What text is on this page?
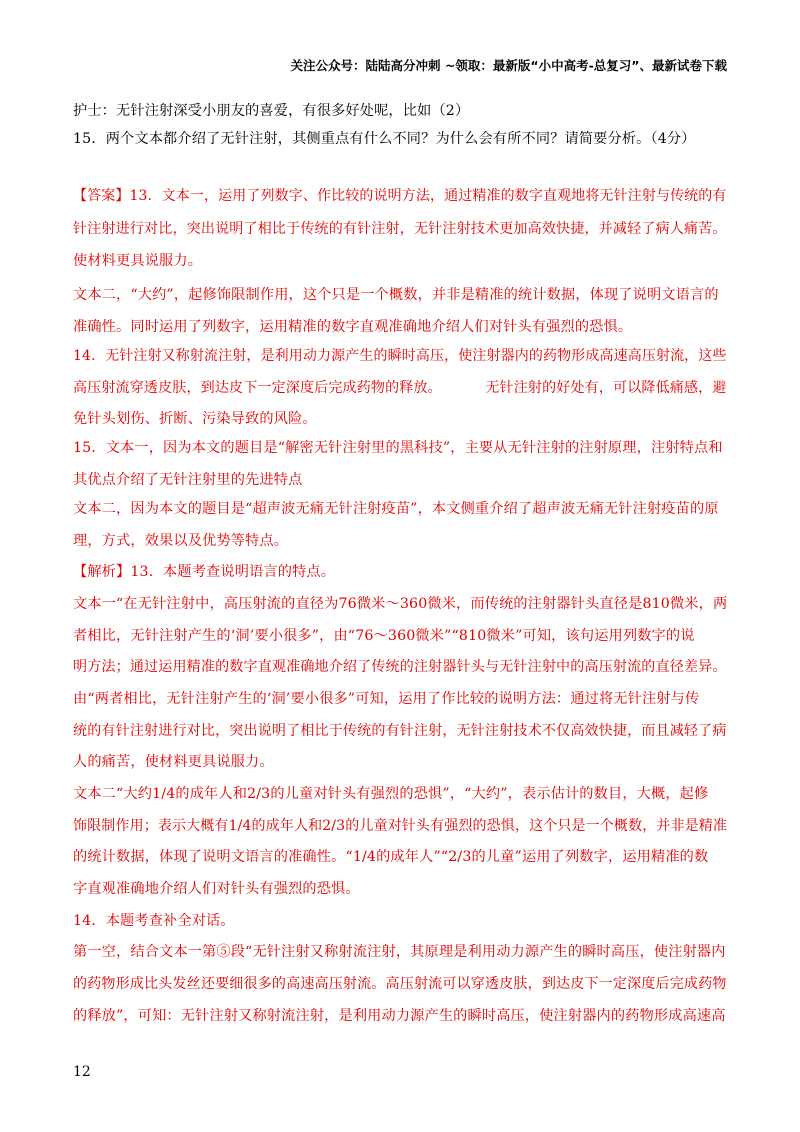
关注公众号：陆陆高分冲刺 ~领取：最新版“小中高考-总复习”、最新试卷下载
护士：无针注射深受小朋友的喜爱，有很多好处呢，比如（2）
15．两个文本都介绍了无针注射，其侧重点有什么不同？为什么会有所不同？请简要分析。（4分）
【答案】13．文本一，运用了列数字、作比较的说明方法，通过精准的数字直观地将无针注射与传统的有
针注射进行对比，突出说明了相比于传统的有针注射，无针注射技术更加高效快捷，并减轻了病人痛苦。
使材料更具说服力。
文本二，“大约”，起修饰限制作用，这个只是一个概数，并非是精准的统计数据，体现了说明文语言的
准确性。同时运用了列数字，运用精准的数字直观准确地介绍人们对针头有强烈的恐惧。
14．无针注射又称射流注射，是利用动力源产生的瞬时高压，使注射器内的药物形成高速高压射流，这些
高压射流穿透皮肤，到达皮下一定深度后完成药物的释放。	无针注射的好处有，可以降低痛感，避
免针头划伤、折断、污染导致的风险。
15．文本一，因为本文的题目是“解密无针注射里的黑科技”，主要从无针注射的注射原理，注射特点和
其优点介绍了无针注射里的先进特点
文本二，因为本文的题目是“超声波无痛无针注射疫苗”，本文侧重介绍了超声波无痛无针注射疫苗的原
理，方式，效果以及优势等特点。
【解析】13．本题考查说明语言的特点。
文本一“在无针注射中，高压射流的直径为76微米～360微米，而传统的注射器针头直径是810微米，两
者相比，无针注射产生的‘洞’要小很多”，由“76～360微米”“810微米”可知，该句运用列数字的说
明方法；通过运用精准的数字直观准确地介绍了传统的注射器针头与无针注射中的高压射流的直径差异。
由“两者相比，无针注射产生的‘洞’要小很多”可知，运用了作比较的说明方法：通过将无针注射与传
统的有针注射进行对比，突出说明了相比于传统的有针注射，无针注射技术不仅高效快捷，而且减轻了病
人的痛苦，使材料更具说服力。
文本二“大约1/4的成年人和2/3的儿童对针头有强烈的恐惧”，“大约”，表示估计的数目，大概，起修
饰限制作用；表示大概有1/4的成年人和2/3的儿童对针头有强烈的恐惧，这个只是一个概数，并非是精准
的统计数据，体现了说明文语言的准确性。“1/4的成年人”“2/3的儿童”运用了列数字，运用精准的数
字直观准确地介绍人们对针头有强烈的恐惧。
14．本题考查补全对话。
第一空，结合文本一第⑤段“无针注射又称射流注射，其原理是利用动力源产生的瞬时高压，使注射器内
的药物形成比头发丝还要细很多的高速高压射流。高压射流可以穿透皮肤，到达皮下一定深度后完成药物
的释放”，可知：无针注射又称射流注射，是利用动力源产生的瞬时高压，使注射器内的药物形成高速高
12
